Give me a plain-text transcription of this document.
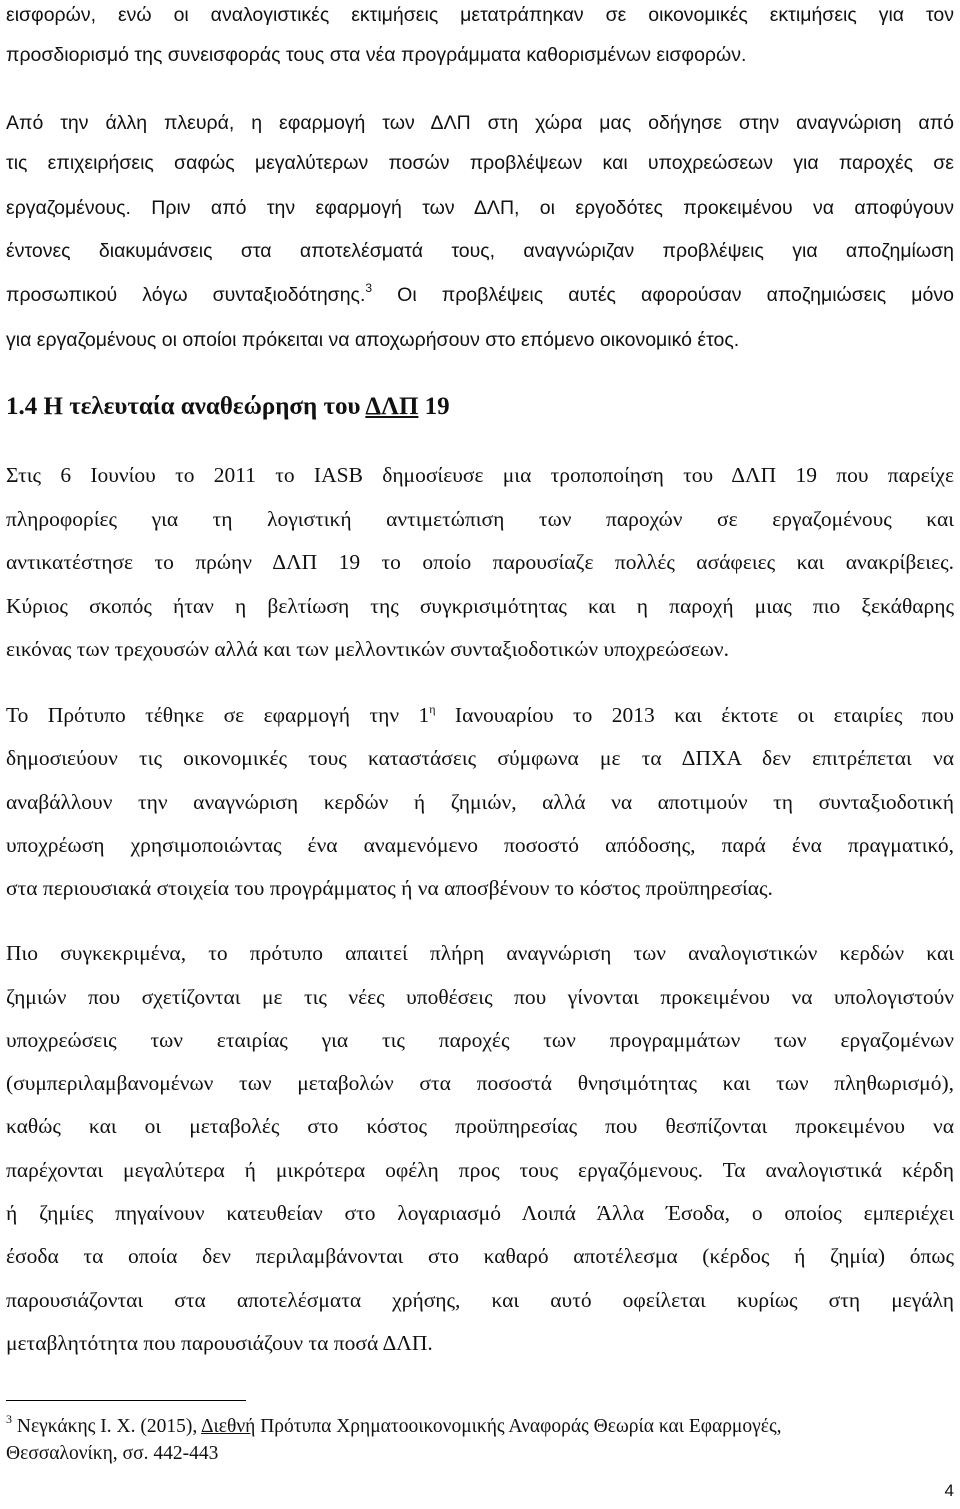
εισφορών, ενώ οι αναλογιστικές εκτιμήσεις μετατράπηκαν σε οικονομικές εκτιμήσεις για τον
προσδιορισμό της συνεισφοράς τους στα νέα προγράμματα καθορισμένων εισφορών.
Από την άλλη πλευρά, η εφαρμογή των ΔΛΠ στη χώρα μας οδήγησε στην αναγνώριση από
τις επιχειρήσεις σαφώς μεγαλύτερων ποσών προβλέψεων και υποχρεώσεων για παροχές σε
εργαζομένους. Πριν από την εφαρμογή των ΔΛΠ, οι εργοδότες προκειμένου να αποφύγουν
έντονες διακυμάνσεις στα αποτελέσματά τους, αναγνώριζαν προβλέψεις για αποζημίωση
προσωπικού λόγω συνταξιοδότησης.$^3$ Οι προβλέψεις αυτές αφορούσαν αποζημιώσεις μόνο
για εργαζομένους οι οποίοι πρόκειται να αποχωρήσουν στο επόμενο οικονομικό έτος.
1.4 Η τελευταία αναθεώρηση του ΔΛΠ 19
Στις 6 Ιουνίου το 2011 το IASB δημοσίευσε μια τροποποίηση του ΔΛΠ 19 που παρείχε
πληροφορίες για τη λογιστική αντιμετώπιση των παροχών σε εργαζομένους και
αντικατέστησε το πρώην ΔΛΠ 19 το οποίο παρουσίαζε πολλές ασάφειες και ανακρίβειες.
Κύριος σκοπός ήταν η βελτίωση της συγκρισιμότητας και η παροχή μιας πιο ξεκάθαρης
εικόνας των τρεχουσών αλλά και των μελλοντικών συνταξιοδοτικών υποχρεώσεων.
Το Πρότυπο τέθηκε σε εφαρμογή την $1^\eta$ Ιανουαρίου το 2013 και έκτοτε οι εταιρίες που
δημοσιεύουν τις οικονομικές τους καταστάσεις σύμφωνα με τα ΔΠΧΑ δεν επιτρέπεται να
αναβάλλουν την αναγνώριση κερδών ή ζημιών, αλλά να αποτιμούν τη συνταξιοδοτική
υποχρέωση χρησιμοποιώντας ένα αναμενόμενο ποσοστό απόδοσης, παρά ένα πραγματικό,
στα περιουσιακά στοιχεία του προγράμματος ή να αποσβένουν το κόστος προϋπηρεσίας.
Πιο συγκεκριμένα, το πρότυπο απαιτεί πλήρη αναγνώριση των αναλογιστικών κερδών και
ζημιών που σχετίζονται με τις νέες υποθέσεις που γίνονται προκειμένου να υπολογιστούν
υποχρεώσεις των εταιρίας για τις παροχές των προγραμμάτων των εργαζομένων
(συμπεριλαμβανομένων των μεταβολών στα ποσοστά θνησιμότητας και των πληθωρισμό),
καθώς και οι μεταβολές στο κόστος προϋπηρεσίας που θεσπίζονται προκειμένου να
παρέχονται μεγαλύτερα ή μικρότερα οφέλη προς τους εργαζόμενους. Τα αναλογιστικά κέρδη
ή ζημίες πηγαίνουν κατευθείαν στο λογαριασμό Λοιπά Άλλα Έσοδα, ο οποίος εμπεριέχει
έσοδα τα οποία δεν περιλαμβάνονται στο καθαρό αποτέλεσμα (κέρδος ή ζημία) όπως
παρουσιάζονται στα αποτελέσματα χρήσης, και αυτό οφείλεται κυρίως στη μεγάλη
μεταβλητότητα που παρουσιάζουν τα ποσά ΔΛΠ.
$^3$ Νεγκάκης Ι. Χ. (2015), Διεθνή Πρότυπα Χρηματοοικονομικής Αναφοράς Θεωρία και Εφαρμογές,
Θεσσαλονίκη, σσ. 442-443
4
